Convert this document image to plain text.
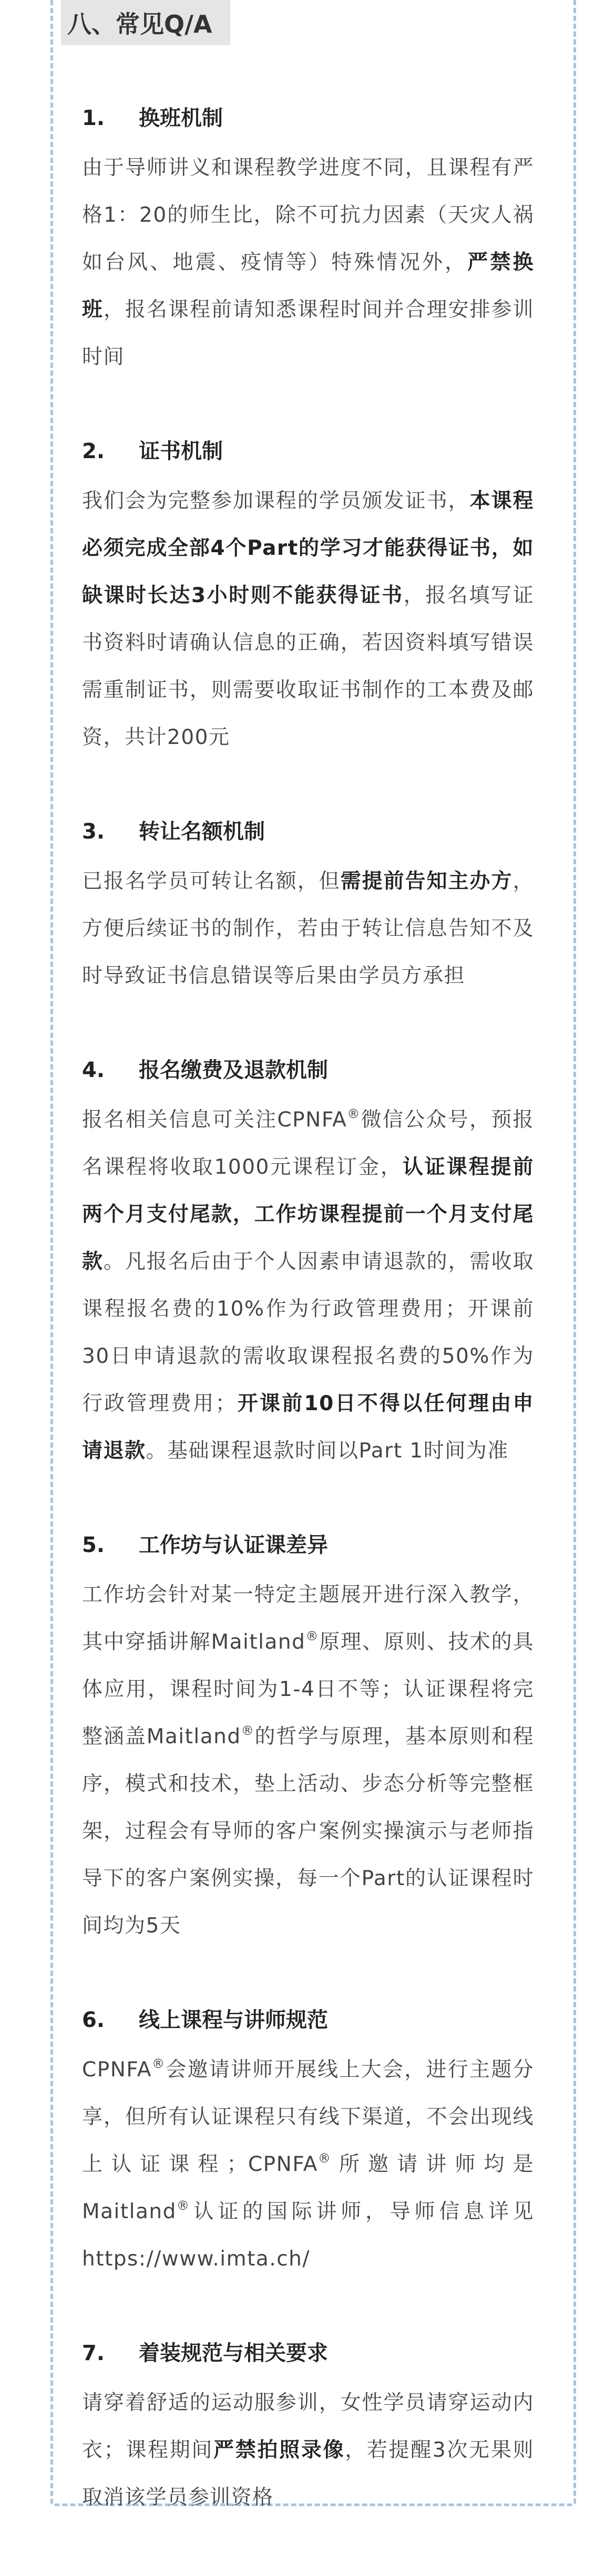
八、常见Q/A
1.	换班机制

由于导师讲义和课程教学进度不同，且课程有严格1：20的师生比，除不可抗力因素（天灾人祸如台风、地震、疫情等）特殊情况外，严禁换班，报名课程前请知悉课程时间并合理安排参训时间

2.	证书机制

我们会为完整参加课程的学员颁发证书，本课程必须完成全部4个Part的学习才能获得证书，如缺课时长达3小时则不能获得证书，报名填写证书资料时请确认信息的正确，若因资料填写错误需重制证书，则需要收取证书制作的工本费及邮资，共计200元

3.	转让名额机制

已报名学员可转让名额，但需提前告知主办方，方便后续证书的制作，若由于转让信息告知不及时导致证书信息错误等后果由学员方承担

4.	报名缴费及退款机制

报名相关信息可关注CPNFA®微信公众号，预报名课程将收取1000元课程订金，认证课程提前两个月支付尾款，工作坊课程提前一个月支付尾款。凡报名后由于个人因素申请退款的，需收取课程报名费的10%作为行政管理费用；开课前30日申请退款的需收取课程报名费的50%作为行政管理费用；开课前10日不得以任何理由申请退款。基础课程退款时间以Part 1时间为准

5.	工作坊与认证课差异

工作坊会针对某一特定主题展开进行深入教学，其中穿插讲解Maitland®原理、原则、技术的具体应用，课程时间为1-4日不等；认证课程将完整涵盖Maitland®的哲学与原理，基本原则和程序，模式和技术，垫上活动、步态分析等完整框架，过程会有导师的客户案例实操演示与老师指导下的客户案例实操，每一个Part的认证课程时间均为5天

6.	线上课程与讲师规范

CPNFA®会邀请讲师开展线上大会，进行主题分享，但所有认证课程只有线下渠道，不会出现线上认证课程；CPNFA®所邀请讲师均是Maitland®认证的国际讲师，导师信息详见https://www.imta.ch/

7.	着装规范与相关要求

请穿着舒适的运动服参训，女性学员请穿运动内衣；课程期间严禁拍照录像，若提醒3次无果则取消该学员参训资格
